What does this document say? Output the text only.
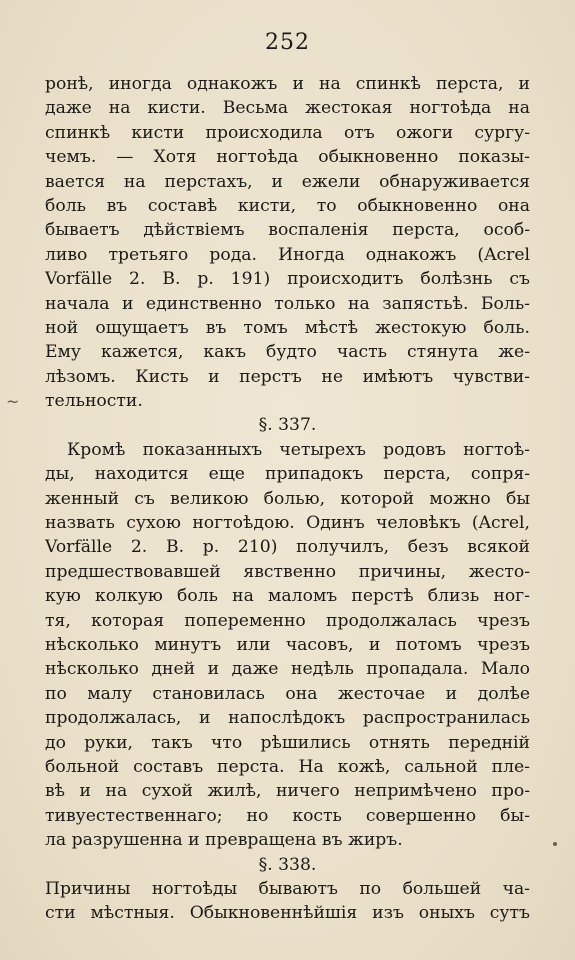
252
~
ронѣ, иногда однакожъ и на спинкѣ перста, и
даже на кисти. Весьма жестокая ногтоѣда на
спинкѣ кисти происходила отъ ожоги сургу-
чемъ. — Хотя ногтоѣда обыкновенно показы-
вается на перстахъ, и ежели обнаруживается
боль въ составѣ кисти, то обыкновенно она
бываетъ дѣйствіемъ воспаленія перста, особ-
ливо третьяго рода. Иногда однакожъ (Acrel
Vorfälle 2. B. p. 191) происходитъ болѣзнь съ
начала и единственно только на запястьѣ. Боль-
ной ощущаетъ въ томъ мѣстѣ жестокую боль.
Ему кажется, какъ будто часть стянута же-
лѣзомъ. Кисть и перстъ не имѣютъ чувстви-
тельности.
§. 337.
Кромѣ показанныхъ четырехъ родовъ ногтоѣ-
ды, находится еще припадокъ перста, сопря-
женный съ великою болью, которой можно бы
назвать сухою ногтоѣдою. Одинъ человѣкъ (Acrel,
Vorfälle 2. B. p. 210) получилъ, безъ всякой
предшествовавшей явственно причины, жесто-
кую колкую боль на маломъ перстѣ близь ног-
тя, которая попеременно продолжалась чрезъ
нѣсколько минутъ или часовъ, и потомъ чрезъ
нѣсколько дней и даже недѣль пропадала. Мало
по малу становилась она жесточае и долѣе
продолжалась, и напослѣдокъ распространилась
до руки, такъ что рѣшились отнять передній
больной составъ перста. На кожѣ, сальной пле-
вѣ и на сухой жилѣ, ничего непримѣчено про-
тивуестественнаго; но кость совершенно бы-
ла разрушенна и превращена въ жиръ.
§. 338.
Причины ногтоѣды бываютъ по большей ча-
сти мѣстныя. Обыкновеннѣйшія изъ оныхъ сутъ
